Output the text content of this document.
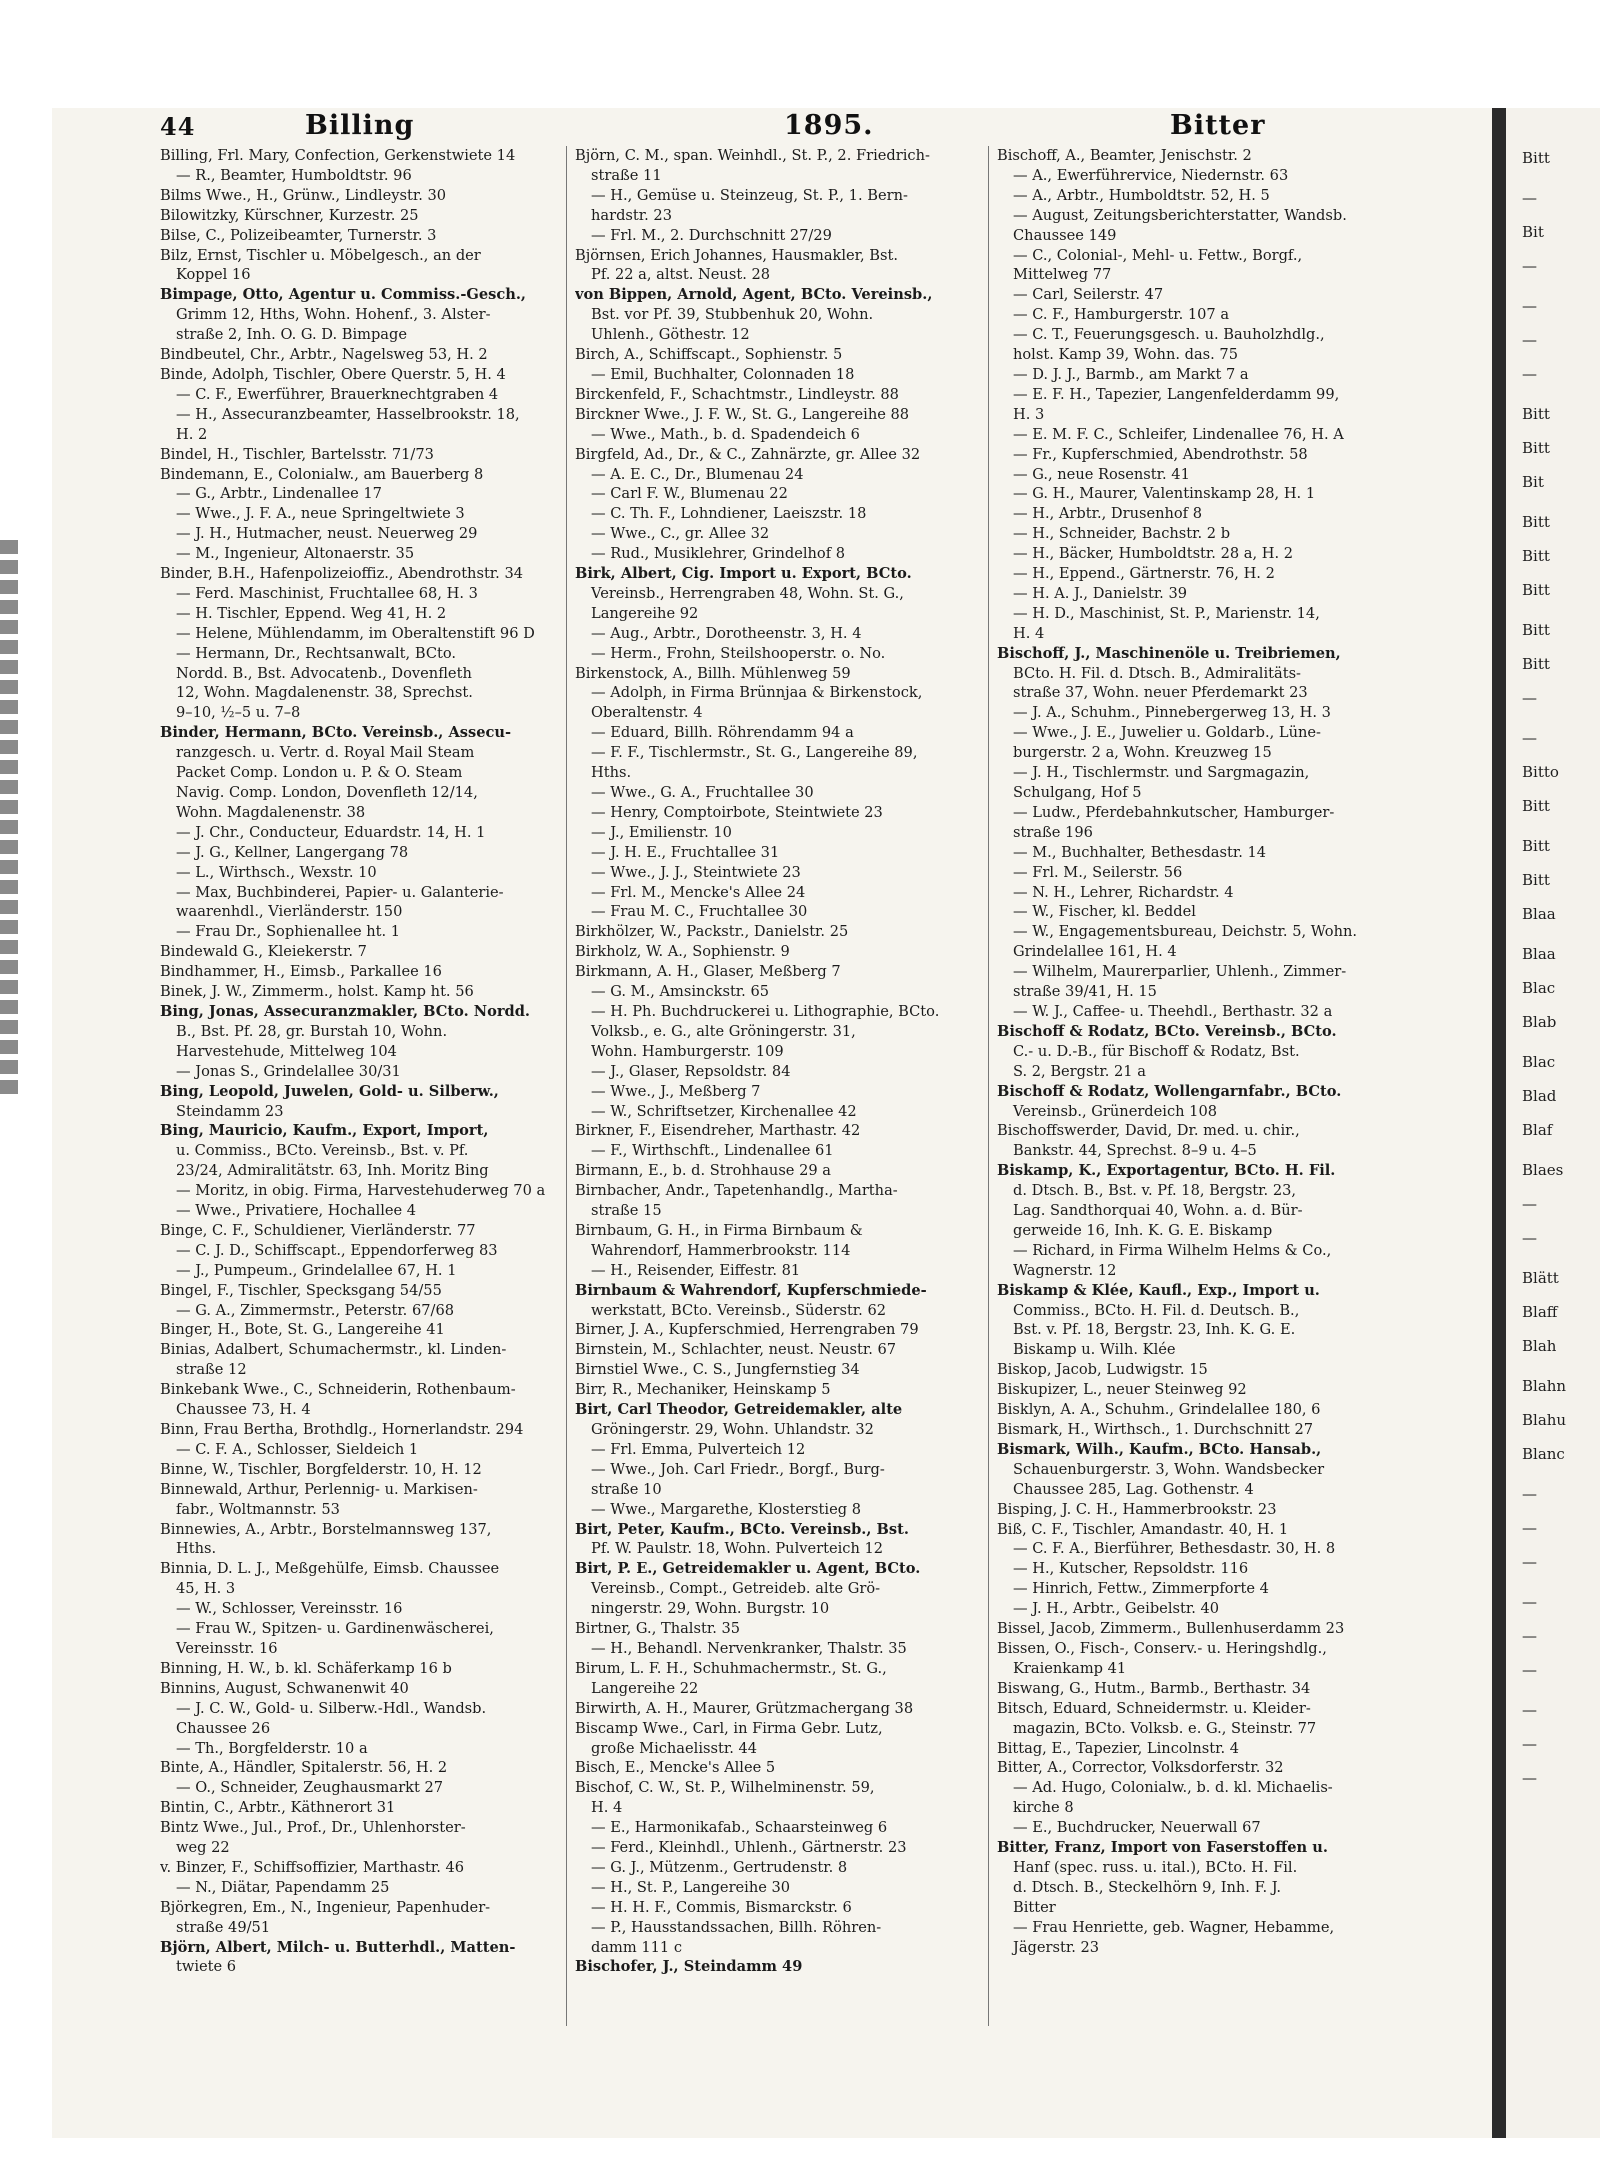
Bitt
—
Bit
—
—
—
—
Bitt
Bitt
Bit
Bitt
Bitt
Bitt
Bitt
Bitt
—
—
Bitto
Bitt
Bitt
Bitt
Blaa
Blaa
Blac
Blab
Blac
Blad
Blaf
Blaes
—
—
Blätt
Blaff
Blah
Blahn
Blahu
Blanc
—
—
—
—
—
—
—
—
—
44	Billing	1895.	Bitter
Billing, Frl. Mary, Confection, Gerkenstwiete 14
— R., Beamter, Humboldtstr. 96
Bilms Wwe., H., Grünw., Lindleystr. 30
Bilowitzky, Kürschner, Kurzestr. 25
Bilse, C., Polizeibeamter, Turnerstr. 3
Bilz, Ernst, Tischler u. Möbelgesch., an der
Koppel 16
Bimpage, Otto, Agentur u. Commiss.-Gesch.,
Grimm 12, Hths, Wohn. Hohenf., 3. Alster-
straße 2, Inh. O. G. D. Bimpage
Bindbeutel, Chr., Arbtr., Nagelsweg 53, H. 2
Binde, Adolph, Tischler, Obere Querstr. 5, H. 4
— C. F., Ewerführer, Brauerknechtgraben 4
— H., Assecuranzbeamter, Hasselbrookstr. 18,
H. 2
Bindel, H., Tischler, Bartelsstr. 71/73
Bindemann, E., Colonialw., am Bauerberg 8
— G., Arbtr., Lindenallee 17
— Wwe., J. F. A., neue Springeltwiete 3
— J. H., Hutmacher, neust. Neuerweg 29
— M., Ingenieur, Altonaerstr. 35
Binder, B.H., Hafenpolizeioffiz., Abendrothstr. 34
— Ferd. Maschinist, Fruchtallee 68, H. 3
— H. Tischler, Eppend. Weg 41, H. 2
— Helene, Mühlendamm, im Oberaltenstift 96 D
— Hermann, Dr., Rechtsanwalt, BCto.
Nordd. B., Bst. Advocatenb., Dovenfleth
12, Wohn. Magdalenenstr. 38, Sprechst.
9–10, ½–5 u. 7–8
Binder, Hermann, BCto. Vereinsb., Assecu-
ranzgesch. u. Vertr. d. Royal Mail Steam
Packet Comp. London u. P. & O. Steam
Navig. Comp. London, Dovenfleth 12/14,
Wohn. Magdalenenstr. 38
— J. Chr., Conducteur, Eduardstr. 14, H. 1
— J. G., Kellner, Langergang 78
— L., Wirthsch., Wexstr. 10
— Max, Buchbinderei, Papier- u. Galanterie-
waarenhdl., Vierländerstr. 150
— Frau Dr., Sophienallee ht. 1
Bindewald G., Kleiekerstr. 7
Bindhammer, H., Eimsb., Parkallee 16
Binek, J. W., Zimmerm., holst. Kamp ht. 56
Bing, Jonas, Assecuranzmakler, BCto. Nordd.
B., Bst. Pf. 28, gr. Burstah 10, Wohn.
Harvestehude, Mittelweg 104
— Jonas S., Grindelallee 30/31
Bing, Leopold, Juwelen, Gold- u. Silberw.,
Steindamm 23
Bing, Mauricio, Kaufm., Export, Import,
u. Commiss., BCto. Vereinsb., Bst. v. Pf.
23/24, Admiralitätstr. 63, Inh. Moritz Bing
— Moritz, in obig. Firma, Harvestehuderweg 70 a
— Wwe., Privatiere, Hochallee 4
Binge, C. F., Schuldiener, Vierländerstr. 77
— C. J. D., Schiffscapt., Eppendorferweg 83
— J., Pumpeum., Grindelallee 67, H. 1
Bingel, F., Tischler, Specksgang 54/55
— G. A., Zimmermstr., Peterstr. 67/68
Binger, H., Bote, St. G., Langereihe 41
Binias, Adalbert, Schumachermstr., kl. Linden-
straße 12
Binkebank Wwe., C., Schneiderin, Rothenbaum-
Chaussee 73, H. 4
Binn, Frau Bertha, Brothdlg., Hornerlandstr. 294
— C. F. A., Schlosser, Sieldeich 1
Binne, W., Tischler, Borgfelderstr. 10, H. 12
Binnewald, Arthur, Perlennig- u. Markisen-
fabr., Woltmannstr. 53
Binnewies, A., Arbtr., Borstelmannsweg 137,
Hths.
Binnia, D. L. J., Meßgehülfe, Eimsb. Chaussee
45, H. 3
— W., Schlosser, Vereinsstr. 16
— Frau W., Spitzen- u. Gardinenwäscherei,
Vereinsstr. 16
Binning, H. W., b. kl. Schäferkamp 16 b
Binnins, August, Schwanenwit 40
— J. C. W., Gold- u. Silberw.-Hdl., Wandsb.
Chaussee 26
— Th., Borgfelderstr. 10 a
Binte, A., Händler, Spitalerstr. 56, H. 2
— O., Schneider, Zeughausmarkt 27
Bintin, C., Arbtr., Käthnerort 31
Bintz Wwe., Jul., Prof., Dr., Uhlenhorster-
weg 22
v. Binzer, F., Schiffsoffizier, Marthastr. 46
— N., Diätar, Papendamm 25
Björkegren, Em., N., Ingenieur, Papenhuder-
straße 49/51
Björn, Albert, Milch- u. Butterhdl., Matten-
twiete 6
Björn, C. M., span. Weinhdl., St. P., 2. Friedrich-
straße 11
— H., Gemüse u. Steinzeug, St. P., 1. Bern-
hardstr. 23
— Frl. M., 2. Durchschnitt 27/29
Björnsen, Erich Johannes, Hausmakler, Bst.
Pf. 22 a, altst. Neust. 28
von Bippen, Arnold, Agent, BCto. Vereinsb.,
Bst. vor Pf. 39, Stubbenhuk 20, Wohn.
Uhlenh., Göthestr. 12
Birch, A., Schiffscapt., Sophienstr. 5
— Emil, Buchhalter, Colonnaden 18
Birckenfeld, F., Schachtmstr., Lindleystr. 88
Birckner Wwe., J. F. W., St. G., Langereihe 88
— Wwe., Math., b. d. Spadendeich 6
Birgfeld, Ad., Dr., & C., Zahnärzte, gr. Allee 32
— A. E. C., Dr., Blumenau 24
— Carl F. W., Blumenau 22
— C. Th. F., Lohndiener, Laeiszstr. 18
— Wwe., C., gr. Allee 32
— Rud., Musiklehrer, Grindelhof 8
Birk, Albert, Cig. Import u. Export, BCto.
Vereinsb., Herrengraben 48, Wohn. St. G.,
Langereihe 92
— Aug., Arbtr., Dorotheenstr. 3, H. 4
— Herm., Frohn, Steilshooperstr. o. No.
Birkenstock, A., Billh. Mühlenweg 59
— Adolph, in Firma Brünnjaa & Birkenstock,
Oberaltenstr. 4
— Eduard, Billh. Röhrendamm 94 a
— F. F., Tischlermstr., St. G., Langereihe 89,
Hths.
— Wwe., G. A., Fruchtallee 30
— Henry, Comptoirbote, Steintwiete 23
— J., Emilienstr. 10
— J. H. E., Fruchtallee 31
— Wwe., J. J., Steintwiete 23
— Frl. M., Mencke's Allee 24
— Frau M. C., Fruchtallee 30
Birkhölzer, W., Packstr., Danielstr. 25
Birkholz, W. A., Sophienstr. 9
Birkmann, A. H., Glaser, Meßberg 7
— G. M., Amsinckstr. 65
— H. Ph. Buchdruckerei u. Lithographie, BCto.
Volksb., e. G., alte Gröningerstr. 31,
Wohn. Hamburgerstr. 109
— J., Glaser, Repsoldstr. 84
— Wwe., J., Meßberg 7
— W., Schriftsetzer, Kirchenallee 42
Birkner, F., Eisendreher, Marthastr. 42
— F., Wirthschft., Lindenallee 61
Birmann, E., b. d. Strohhause 29 a
Birnbacher, Andr., Tapetenhandlg., Martha-
straße 15
Birnbaum, G. H., in Firma Birnbaum &
Wahrendorf, Hammerbrookstr. 114
— H., Reisender, Eiffestr. 81
Birnbaum & Wahrendorf, Kupferschmiede-
werkstatt, BCto. Vereinsb., Süderstr. 62
Birner, J. A., Kupferschmied, Herrengraben 79
Birnstein, M., Schlachter, neust. Neustr. 67
Birnstiel Wwe., C. S., Jungfernstieg 34
Birr, R., Mechaniker, Heinskamp 5
Birt, Carl Theodor, Getreidemakler, alte
Gröningerstr. 29, Wohn. Uhlandstr. 32
— Frl. Emma, Pulverteich 12
— Wwe., Joh. Carl Friedr., Borgf., Burg-
straße 10
— Wwe., Margarethe, Klosterstieg 8
Birt, Peter, Kaufm., BCto. Vereinsb., Bst.
Pf. W. Paulstr. 18, Wohn. Pulverteich 12
Birt, P. E., Getreidemakler u. Agent, BCto.
Vereinsb., Compt., Getreideb. alte Grö-
ningerstr. 29, Wohn. Burgstr. 10
Birtner, G., Thalstr. 35
— H., Behandl. Nervenkranker, Thalstr. 35
Birum, L. F. H., Schuhmachermstr., St. G.,
Langereihe 22
Birwirth, A. H., Maurer, Grützmachergang 38
Biscamp Wwe., Carl, in Firma Gebr. Lutz,
große Michaelisstr. 44
Bisch, E., Mencke's Allee 5
Bischof, C. W., St. P., Wilhelminenstr. 59,
H. 4
— E., Harmonikafab., Schaarsteinweg 6
— Ferd., Kleinhdl., Uhlenh., Gärtnerstr. 23
— G. J., Mützenm., Gertrudenstr. 8
— H., St. P., Langereihe 30
— H. H. F., Commis, Bismarckstr. 6
— P., Hausstandssachen, Billh. Röhren-
damm 111 c
Bischofer, J., Steindamm 49
Bischoff, A., Beamter, Jenischstr. 2
— A., Ewerführervice, Niedernstr. 63
— A., Arbtr., Humboldtstr. 52, H. 5
— August, Zeitungsberichterstatter, Wandsb.
Chaussee 149
— C., Colonial-, Mehl- u. Fettw., Borgf.,
Mittelweg 77
— Carl, Seilerstr. 47
— C. F., Hamburgerstr. 107 a
— C. T., Feuerungsgesch. u. Bauholzhdlg.,
holst. Kamp 39, Wohn. das. 75
— D. J. J., Barmb., am Markt 7 a
— E. F. H., Tapezier, Langenfelderdamm 99,
H. 3
— E. M. F. C., Schleifer, Lindenallee 76, H. A
— Fr., Kupferschmied, Abendrothstr. 58
— G., neue Rosenstr. 41
— G. H., Maurer, Valentinskamp 28, H. 1
— H., Arbtr., Drusenhof 8
— H., Schneider, Bachstr. 2 b
— H., Bäcker, Humboldtstr. 28 a, H. 2
— H., Eppend., Gärtnerstr. 76, H. 2
— H. A. J., Danielstr. 39
— H. D., Maschinist, St. P., Marienstr. 14,
H. 4
Bischoff, J., Maschinenöle u. Treibriemen,
BCto. H. Fil. d. Dtsch. B., Admiralitäts-
straße 37, Wohn. neuer Pferdemarkt 23
— J. A., Schuhm., Pinnebergerweg 13, H. 3
— Wwe., J. E., Juwelier u. Goldarb., Lüne-
burgerstr. 2 a, Wohn. Kreuzweg 15
— J. H., Tischlermstr. und Sargmagazin,
Schulgang, Hof 5
— Ludw., Pferdebahnkutscher, Hamburger-
straße 196
— M., Buchhalter, Bethesdastr. 14
— Frl. M., Seilerstr. 56
— N. H., Lehrer, Richardstr. 4
— W., Fischer, kl. Beddel
— W., Engagementsbureau, Deichstr. 5, Wohn.
Grindelallee 161, H. 4
— Wilhelm, Maurerparlier, Uhlenh., Zimmer-
straße 39/41, H. 15
— W. J., Caffee- u. Theehdl., Berthastr. 32 a
Bischoff & Rodatz, BCto. Vereinsb., BCto.
C.- u. D.-B., für Bischoff & Rodatz, Bst.
S. 2, Bergstr. 21 a
Bischoff & Rodatz, Wollengarnfabr., BCto.
Vereinsb., Grünerdeich 108
Bischoffswerder, David, Dr. med. u. chir.,
Bankstr. 44, Sprechst. 8–9 u. 4–5
Biskamp, K., Exportagentur, BCto. H. Fil.
d. Dtsch. B., Bst. v. Pf. 18, Bergstr. 23,
Lag. Sandthorquai 40, Wohn. a. d. Bür-
gerweide 16, Inh. K. G. E. Biskamp
— Richard, in Firma Wilhelm Helms & Co.,
Wagnerstr. 12
Biskamp & Klée, Kaufl., Exp., Import u.
Commiss., BCto. H. Fil. d. Deutsch. B.,
Bst. v. Pf. 18, Bergstr. 23, Inh. K. G. E.
Biskamp u. Wilh. Klée
Biskop, Jacob, Ludwigstr. 15
Biskupizer, L., neuer Steinweg 92
Bisklyn, A. A., Schuhm., Grindelallee 180, 6
Bismark, H., Wirthsch., 1. Durchschnitt 27
Bismark, Wilh., Kaufm., BCto. Hansab.,
Schauenburgerstr. 3, Wohn. Wandsbecker
Chaussee 285, Lag. Gothenstr. 4
Bisping, J. C. H., Hammerbrookstr. 23
Biß, C. F., Tischler, Amandastr. 40, H. 1
— C. F. A., Bierführer, Bethesdastr. 30, H. 8
— H., Kutscher, Repsoldstr. 116
— Hinrich, Fettw., Zimmerpforte 4
— J. H., Arbtr., Geibelstr. 40
Bissel, Jacob, Zimmerm., Bullenhuserdamm 23
Bissen, O., Fisch-, Conserv.- u. Heringshdlg.,
Kraienkamp 41
Biswang, G., Hutm., Barmb., Berthastr. 34
Bitsch, Eduard, Schneidermstr. u. Kleider-
magazin, BCto. Volksb. e. G., Steinstr. 77
Bittag, E., Tapezier, Lincolnstr. 4
Bitter, A., Corrector, Volksdorferstr. 32
— Ad. Hugo, Colonialw., b. d. kl. Michaelis-
kirche 8
— E., Buchdrucker, Neuerwall 67
Bitter, Franz, Import von Faserstoffen u.
Hanf (spec. russ. u. ital.), BCto. H. Fil.
d. Dtsch. B., Steckelhörn 9, Inh. F. J.
Bitter
— Frau Henriette, geb. Wagner, Hebamme,
Jägerstr. 23
